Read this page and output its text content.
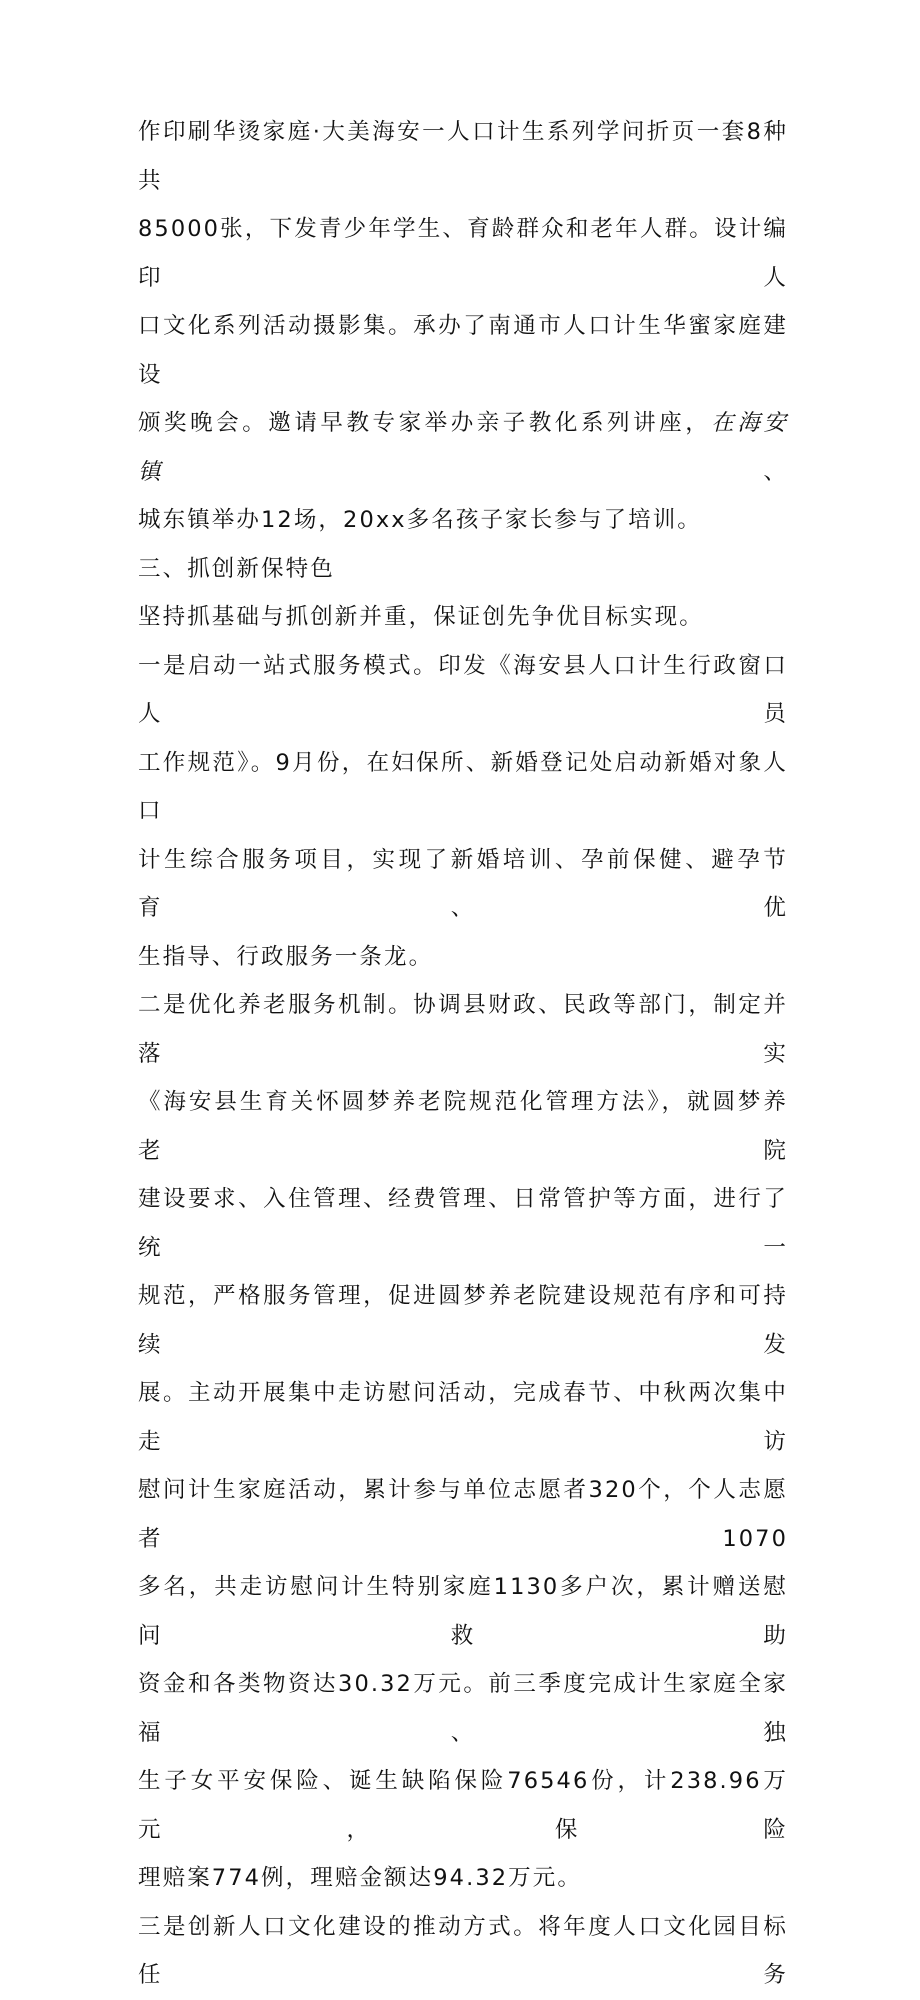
作印刷华烫家庭·大美海安一人口计生系列学问折页一套8种共
85000张，下发青少年学生、育龄群众和老年人群。设计编印人
口文化系列活动摄影集。承办了南通市人口计生华蜜家庭建设
颁奖晚会。邀请早教专家举办亲子教化系列讲座，在海安镇、
城东镇举办12场，20xx多名孩子家长参与了培训。
三、抓创新保特色
坚持抓基础与抓创新并重，保证创先争优目标实现。
一是启动一站式服务模式。印发《海安县人口计生行政窗口人员
工作规范》。9月份，在妇保所、新婚登记处启动新婚对象人口
计生综合服务项目，实现了新婚培训、孕前保健、避孕节育、优
生指导、行政服务一条龙。
二是优化养老服务机制。协调县财政、民政等部门，制定并落实
《海安县生育关怀圆梦养老院规范化管理方法》，就圆梦养老院
建设要求、入住管理、经费管理、日常管护等方面，进行了统一
规范，严格服务管理，促进圆梦养老院建设规范有序和可持续发
展。主动开展集中走访慰问活动，完成春节、中秋两次集中走访
慰问计生家庭活动，累计参与单位志愿者320个，个人志愿者1070
多名，共走访慰问计生特别家庭1130多户次，累计赠送慰问救助
资金和各类物资达30.32万元。前三季度完成计生家庭全家福、独
生子女平安保险、诞生缺陷保险76546份，计238.96万元，保险
理赔案774例，理赔金额达94.32万元。
三是创新人口文化建设的推动方式。将年度人口文化园目标任务
